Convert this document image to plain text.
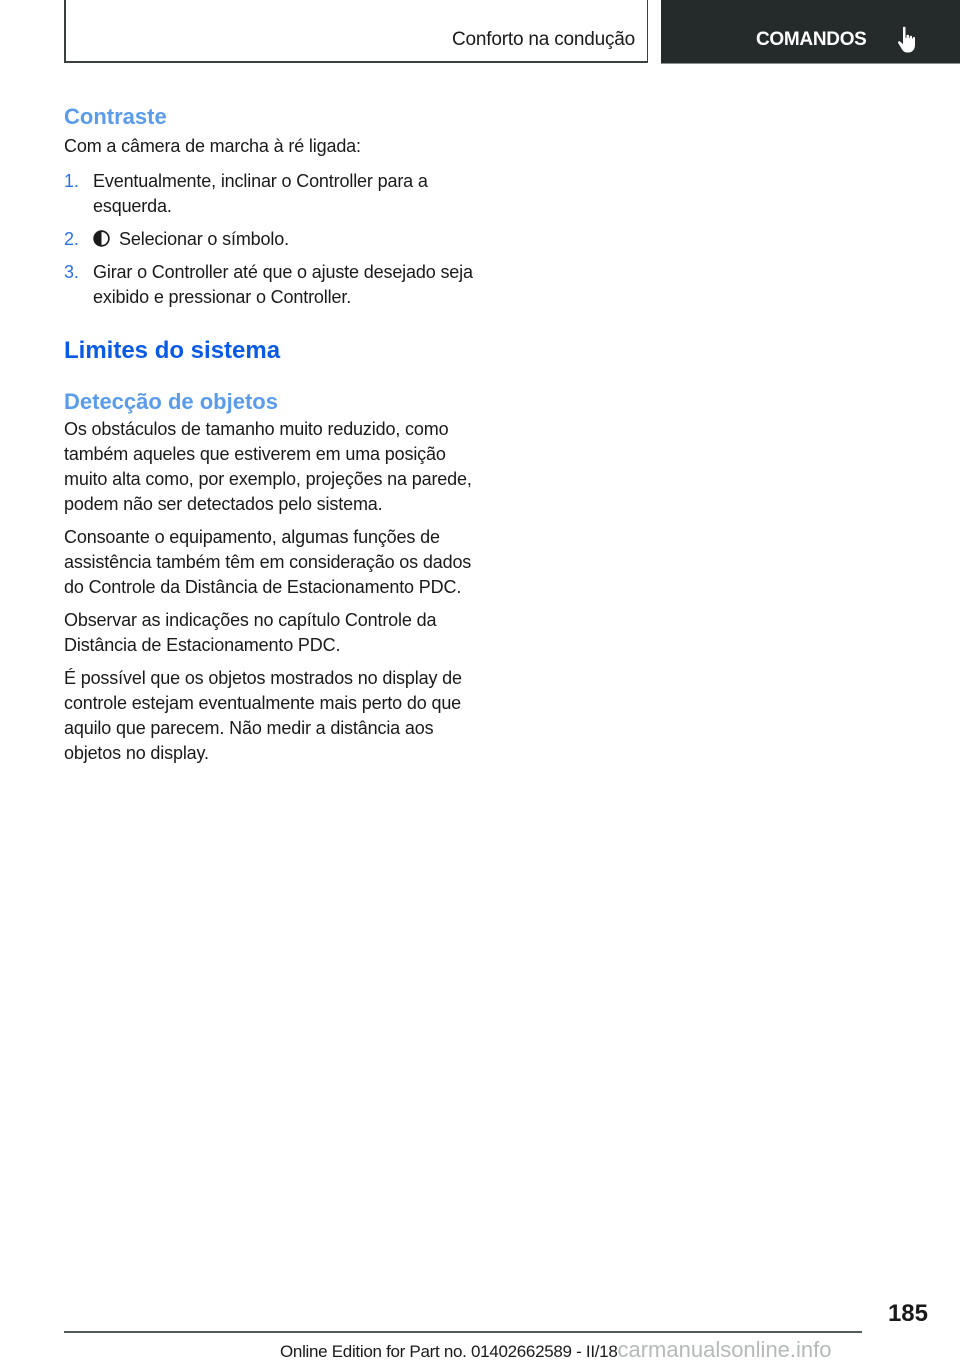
Conforto na condução	COMANDOS
Contraste

Com a câmera de marcha à ré ligada:

1. Eventualmente, inclinar o Controller para a esquerda.
2. Selecionar o símbolo.
3. Girar o Controller até que o ajuste desejado seja exibido e pressionar o Controller.
Limites do sistema
Detecção de objetos

Os obstáculos de tamanho muito reduzido, como também aqueles que estiverem em uma posição muito alta como, por exemplo, projeções na parede, podem não ser detectados pelo sistema.

Consoante o equipamento, algumas funções de assistência também têm em consideração os dados do Controle da Distância de Estacionamento PDC.

Observar as indicações no capítulo Controle da Distância de Estacionamento PDC.

É possível que os objetos mostrados no display de controle estejam eventualmente mais perto do que aquilo que parecem. Não medir a distância aos objetos no display.

185
Online Edition for Part no. 01402662589 - II/18carmanualsonline.info
